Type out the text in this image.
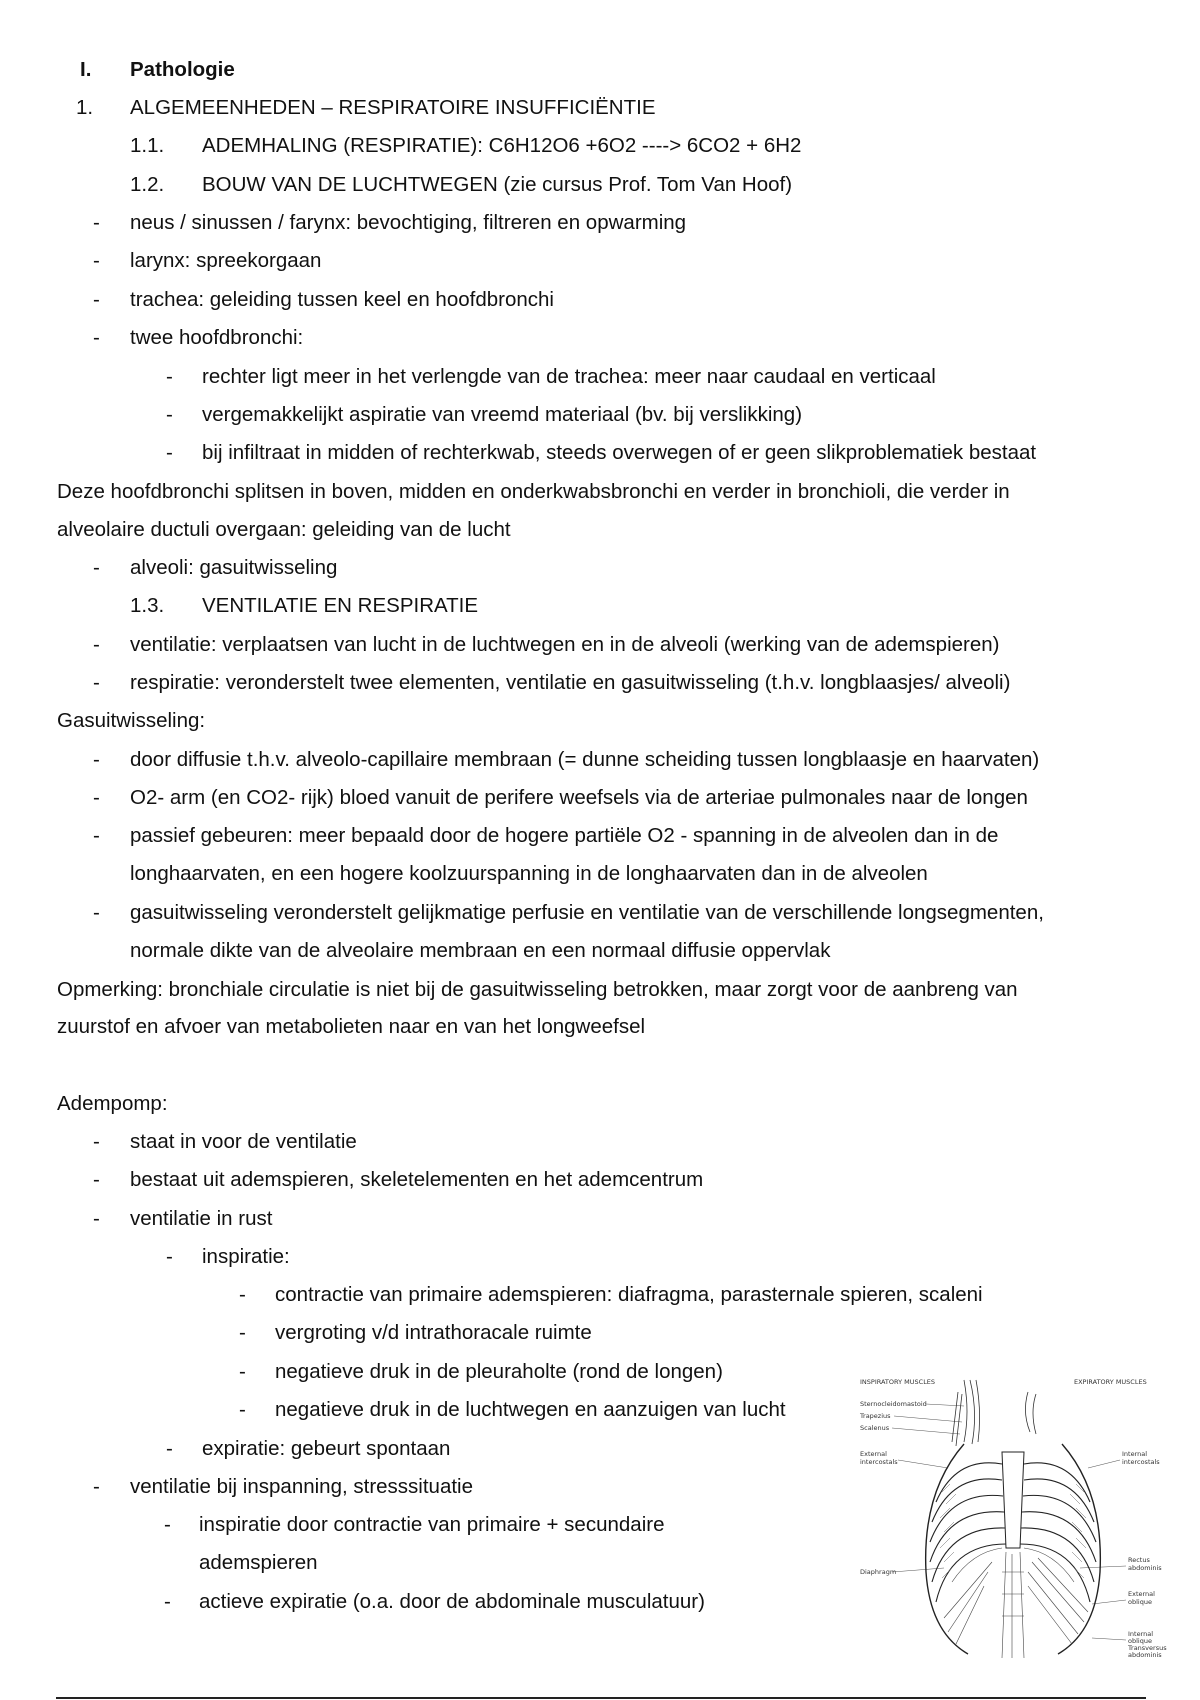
I. Pathologie
1. ALGEMEENHEDEN – RESPIRATOIRE INSUFFICIËNTIE
1.1. ADEMHALING (RESPIRATIE): C6H12O6 +6O2 ----> 6CO2 + 6H2
1.2. BOUW VAN DE LUCHTWEGEN (zie cursus Prof. Tom Van Hoof)
- neus / sinussen / farynx: bevochtiging, filtreren en opwarming
- larynx: spreekorgaan
- trachea: geleiding tussen keel en hoofdbronchi
- twee hoofdbronchi:
- rechter ligt meer in het verlengde van de trachea: meer naar caudaal en verticaal
- vergemakkelijkt aspiratie van vreemd materiaal (bv. bij verslikking)
- bij infiltraat in midden of rechterkwab, steeds overwegen of er geen slikproblematiek bestaat
Deze hoofdbronchi splitsen in boven, midden en onderkwabsbronchi en verder in bronchioli, die verder in
alveolaire ductuli overgaan: geleiding van de lucht
- alveoli: gasuitwisseling
1.3. VENTILATIE EN RESPIRATIE
- ventilatie: verplaatsen van lucht in de luchtwegen en in de alveoli (werking van de ademspieren)
- respiratie: veronderstelt twee elementen, ventilatie en gasuitwisseling (t.h.v. longblaasjes/ alveoli)
Gasuitwisseling:
- door diffusie t.h.v. alveolo-capillaire membraan (= dunne scheiding tussen longblaasje en haarvaten)
- O2- arm (en CO2- rijk) bloed vanuit de perifere weefsels via de arteriae pulmonales naar de longen
- passief gebeuren: meer bepaald door de hogere partiële O2 - spanning in de alveolen dan in de
longhaarvaten, en een hogere koolzuurspanning in de longhaarvaten dan in de alveolen
- gasuitwisseling veronderstelt gelijkmatige perfusie en ventilatie van de verschillende longsegmenten,
normale dikte van de alveolaire membraan en een normaal diffusie oppervlak
Opmerking: bronchiale circulatie is niet bij de gasuitwisseling betrokken, maar zorgt voor de aanbreng van
zuurstof en afvoer van metabolieten naar en van het longweefsel
Adempomp:
- staat in voor de ventilatie
- bestaat uit ademspieren, skeletelementen en het ademcentrum
- ventilatie in rust
- inspiratie:
- contractie van primaire ademspieren: diafragma, parasternale spieren, scaleni
- vergroting v/d intrathoracale ruimte
- negatieve druk in de pleuraholte (rond de longen)
- negatieve druk in de luchtwegen en aanzuigen van lucht
- expiratie: gebeurt spontaan
- ventilatie bij inspanning, stresssituatie
- inspiratie door contractie van primaire + secundaire
ademspieren
- actieve expiratie (o.a. door de abdominale musculatuur)
INSPIRATORY MUSCLES	EXPIRATORY MUSCLES
Sternocleidomastoid
Trapezius
Scalenus
External
intercostals
Diaphragm
Internal
intercostals
Rectus
abdominis
External
oblique
Internal
oblique
Transversus
abdominis
